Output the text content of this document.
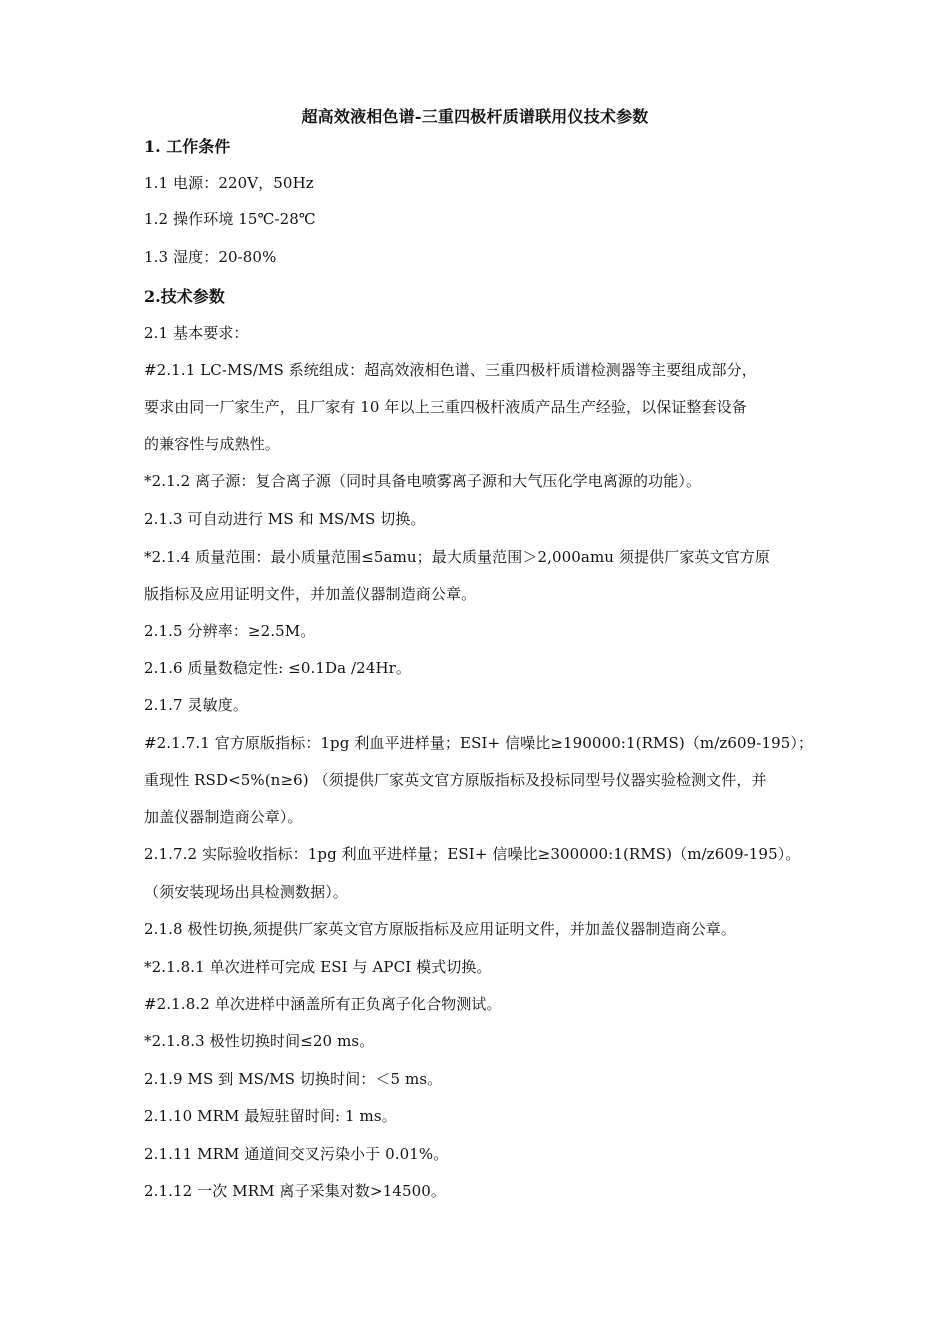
超高效液相色谱-三重四极杆质谱联用仪技术参数
1. 工作条件
1.1 电源：220V，50Hz
1.2 操作环境 15℃-28℃
1.3 湿度：20-80%
2.技术参数
2.1 基本要求：
#2.1.1 LC-MS/MS 系统组成：超高效液相色谱、三重四极杆质谱检测器等主要组成部分，
要求由同一厂家生产，且厂家有 10 年以上三重四极杆液质产品生产经验，以保证整套设备
的兼容性与成熟性。
*2.1.2 离子源：复合离子源（同时具备电喷雾离子源和大气压化学电离源的功能）。
2.1.3 可自动进行 MS 和 MS/MS 切换。
*2.1.4 质量范围：最小质量范围≤5amu；最大质量范围＞2,000amu 须提供厂家英文官方原
版指标及应用证明文件，并加盖仪器制造商公章。
2.1.5 分辨率：≥2.5M。
2.1.6 质量数稳定性: ≤0.1Da /24Hr。
2.1.7 灵敏度。
#2.1.7.1 官方原版指标：1pg 利血平进样量；ESI+ 信噪比≥190000:1(RMS)（m/z609-195）；
重现性 RSD<5%(n≥6) （须提供厂家英文官方原版指标及投标同型号仪器实验检测文件，并
加盖仪器制造商公章）。
2.1.7.2 实际验收指标：1pg 利血平进样量；ESI+ 信噪比≥300000:1(RMS)（m/z609-195）。
（须安装现场出具检测数据）。
2.1.8 极性切换,须提供厂家英文官方原版指标及应用证明文件，并加盖仪器制造商公章。
*2.1.8.1 单次进样可完成 ESI 与 APCI 模式切换。
#2.1.8.2 单次进样中涵盖所有正负离子化合物测试。
*2.1.8.3 极性切换时间≤20 ms。
2.1.9 MS 到 MS/MS 切换时间：＜5 ms。
2.1.10 MRM 最短驻留时间: 1 ms。
2.1.11 MRM 通道间交叉污染小于 0.01%。
2.1.12 一次 MRM 离子采集对数>14500。
